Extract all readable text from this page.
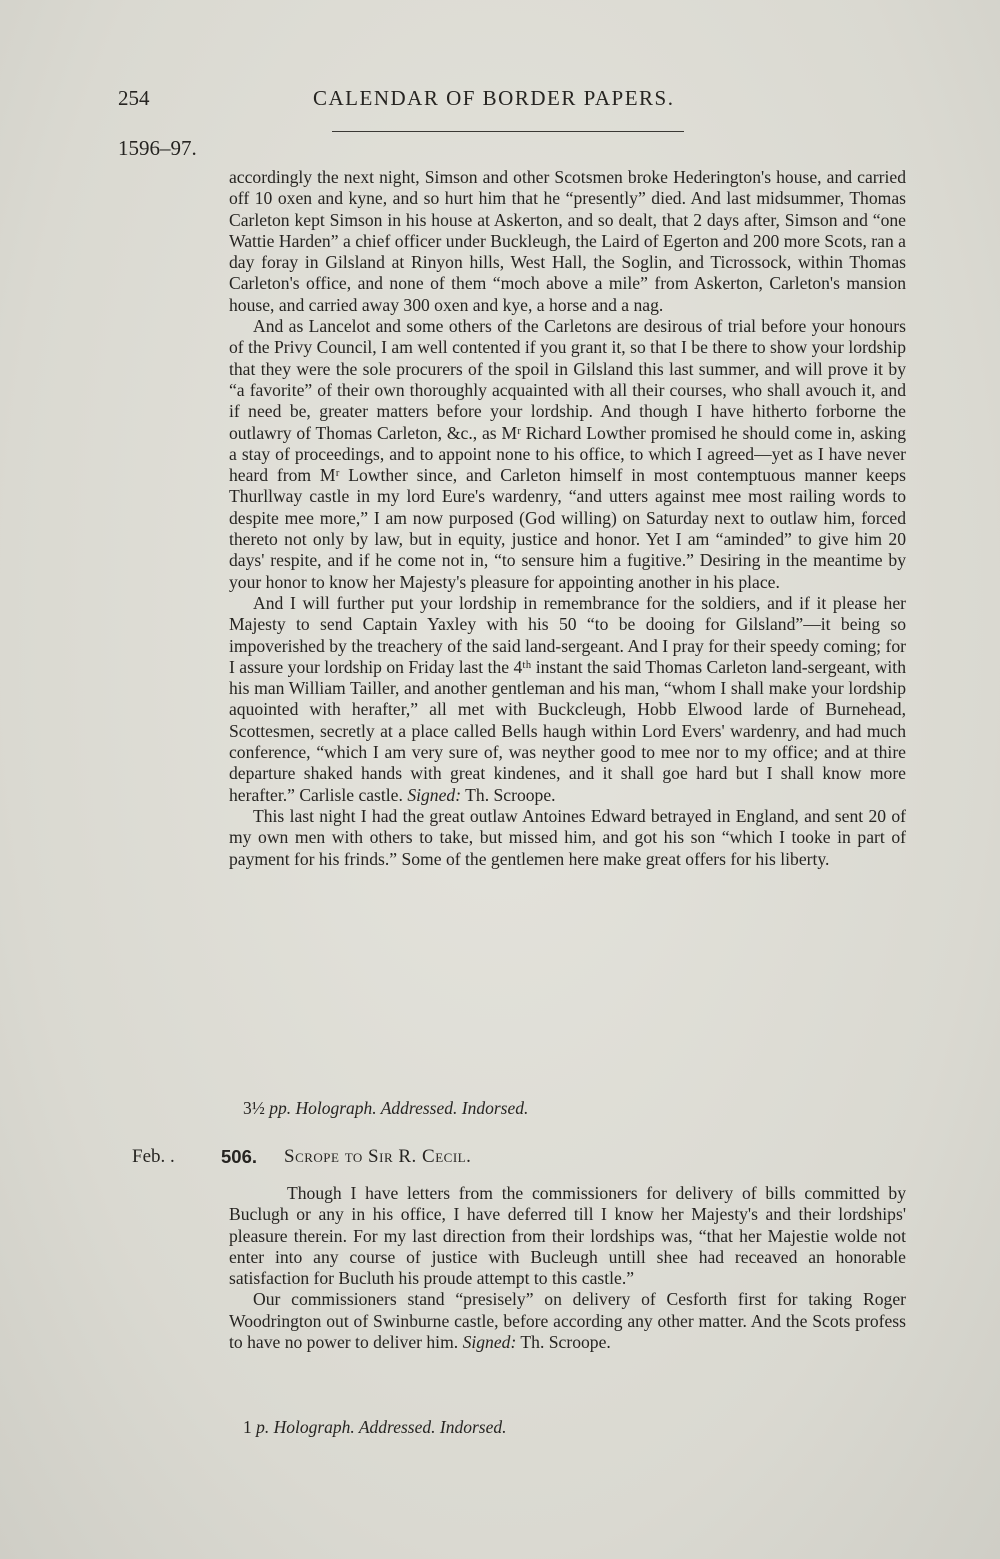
254	CALENDAR OF BORDER PAPERS.
1596–97.

accordingly the next night, Simson and other Scotsmen broke Hederington's house, and carried off 10 oxen and kyne, and so hurt him that he “presently” died. And last midsummer, Thomas Carleton kept Simson in his house at Askerton, and so dealt, that 2 days after, Simson and “one Wattie Harden” a chief officer under Buckleugh, the Laird of Egerton and 200 more Scots, ran a day foray in Gilsland at Rinyon hills, West Hall, the Soglin, and Ticrossock, within Thomas Carleton's office, and none of them “moch above a mile” from Askerton, Carleton's mansion house, and carried away 300 oxen and kye, a horse and a nag.

And as Lancelot and some others of the Carletons are desirous of trial before your honours of the Privy Council, I am well contented if you grant it, so that I be there to show your lordship that they were the sole procurers of the spoil in Gilsland this last summer, and will prove it by “a favorite” of their own thoroughly acquainted with all their courses, who shall avouch it, and if need be, greater matters before your lordship. And though I have hitherto forborne the outlawry of Thomas Carleton, &c., as Mʳ Richard Lowther promised he should come in, asking a stay of proceedings, and to appoint none to his office, to which I agreed—yet as I have never heard from Mʳ Lowther since, and Carleton himself in most contemptuous manner keeps Thurllway castle in my lord Eure's wardenry, “and utters against mee most railing words to despite mee more,” I am now purposed (God willing) on Saturday next to outlaw him, forced thereto not only by law, but in equity, justice and honor. Yet I am “aminded” to give him 20 days' respite, and if he come not in, “to sensure him a fugitive.” Desiring in the meantime by your honor to know her Majesty's pleasure for appointing another in his place.

And I will further put your lordship in remembrance for the soldiers, and if it please her Majesty to send Captain Yaxley with his 50 “to be dooing for Gilsland”—it being so impoverished by the treachery of the said land-sergeant. And I pray for their speedy coming; for I assure your lordship on Friday last the 4ᵗʰ instant the said Thomas Carleton land-sergeant, with his man William Tailler, and another gentleman and his man, “whom I shall make your lordship aquointed with herafter,” all met with Buckcleugh, Hobb Elwood larde of Burnehead, Scottesmen, secretly at a place called Bells haugh within Lord Evers' wardenry, and had much conference, “which I am very sure of, was neyther good to mee nor to my office; and at thire departure shaked hands with great kindenes, and it shall goe hard but I shall know more herafter.” Carlisle castle. Signed: Th. Scroope.

This last night I had the great outlaw Antoines Edward betrayed in England, and sent 20 of my own men with others to take, but missed him, and got his son “which I tooke in part of payment for his frinds.” Some of the gentlemen here make great offers for his liberty.

3½ pp. Holograph. Addressed. Indorsed.
Feb. .	506. Scrope to Sir R. Cecil.

Though I have letters from the commissioners for delivery of bills committed by Buclugh or any in his office, I have deferred till I know her Majesty's and their lordships' pleasure therein. For my last direction from their lordships was, “that her Majestie wolde not enter into any course of justice with Bucleugh untill shee had receaved an honorable satisfaction for Bucluth his proude attempt to this castle.”

Our commissioners stand “presisely” on delivery of Cesforth first for taking Roger Woodrington out of Swinburne castle, before according any other matter. And the Scots profess to have no power to deliver him. Signed: Th. Scroope.

1 p. Holograph. Addressed. Indorsed.
